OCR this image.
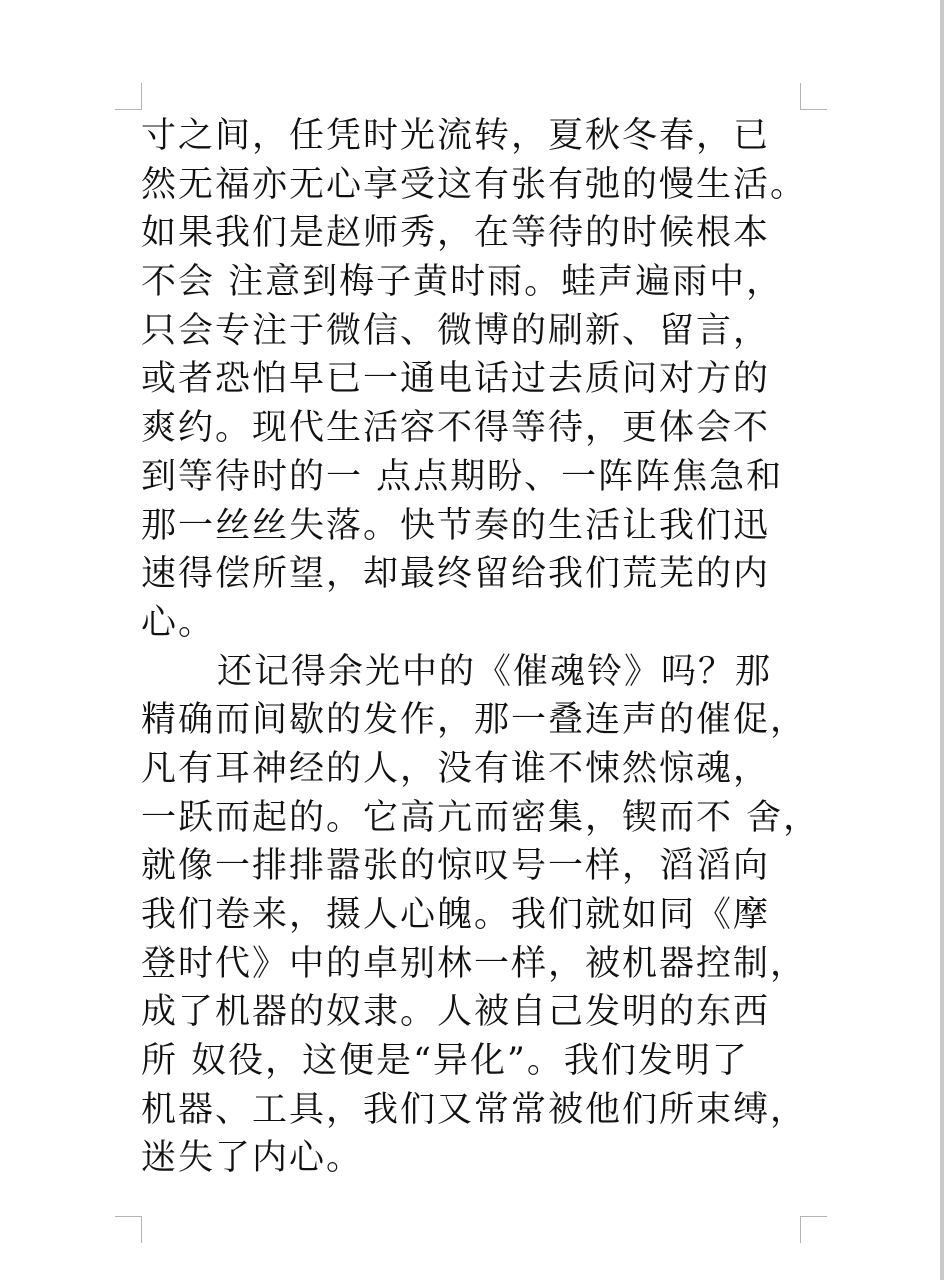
寸之间，任凭时光流转，夏秋冬春，已
然无福亦无心享受这有张有弛的慢生活。
如果我们是赵师秀，在等待的时候根本
不会 注意到梅子黄时雨。蛙声遍雨中，
只会专注于微信、微博的刷新、留言，
或者恐怕早已一通电话过去质问对方的
爽约。现代生活容不得等待，更体会不
到等待时的一 点点期盼、一阵阵焦急和
那一丝丝失落。快节奏的生活让我们迅
速得偿所望，却最终留给我们荒芜的内
心。
还记得余光中的《催魂铃》吗？那
精确而间歇的发作，那一叠连声的催促，
凡有耳神经的人，没有谁不悚然惊魂，
一跃而起的。它高亢而密集，锲而不 舍，
就像一排排嚣张的惊叹号一样，滔滔向
我们卷来，摄人心魄。我们就如同《摩
登时代》中的卓别林一样，被机器控制，
成了机器的奴隶。人被自己发明的东西
所 奴役，这便是“异化”。我们发明了
机器、工具，我们又常常被他们所束缚，
迷失了内心。
